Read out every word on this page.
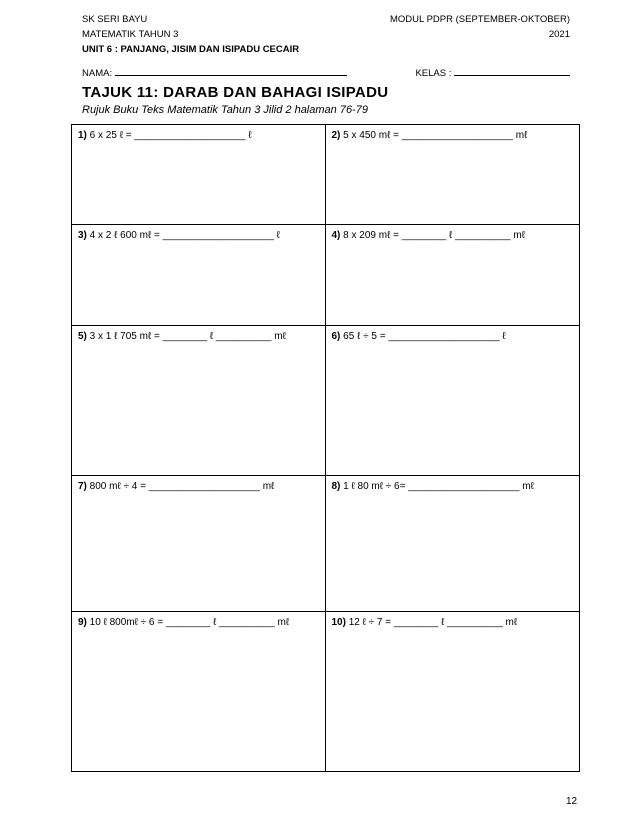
SK SERI BAYU
MATEMATIK TAHUN 3
UNIT 6 : PANJANG, JISIM DAN ISIPADU CECAIR
MODUL PDPR (SEPTEMBER-OKTOBER)
2021
NAMA:	KELAS :
TAJUK 11: DARAB DAN BAHAGI ISIPADU
Rujuk Buku Teks Matematik Tahun 3 Jilid 2 halaman 76-79
1) 6 x 25 ℓ = ____________________ ℓ	2) 5 x 450 mℓ = ____________________ mℓ
3) 4 x 2 ℓ 600 mℓ = ____________________ ℓ	4) 8 x 209 mℓ = ________ ℓ __________ mℓ
5) 3 x 1 ℓ 705 mℓ = ________ ℓ __________ mℓ	6) 65 ℓ ÷ 5 = ____________________ ℓ
7) 800 mℓ ÷ 4 = ____________________ mℓ	8) 1 ℓ 80 mℓ ÷ 6= ____________________ mℓ
9) 10 ℓ 800mℓ ÷ 6 = ________ ℓ __________ mℓ	10) 12 ℓ ÷ 7 = ________ ℓ __________ mℓ
12
